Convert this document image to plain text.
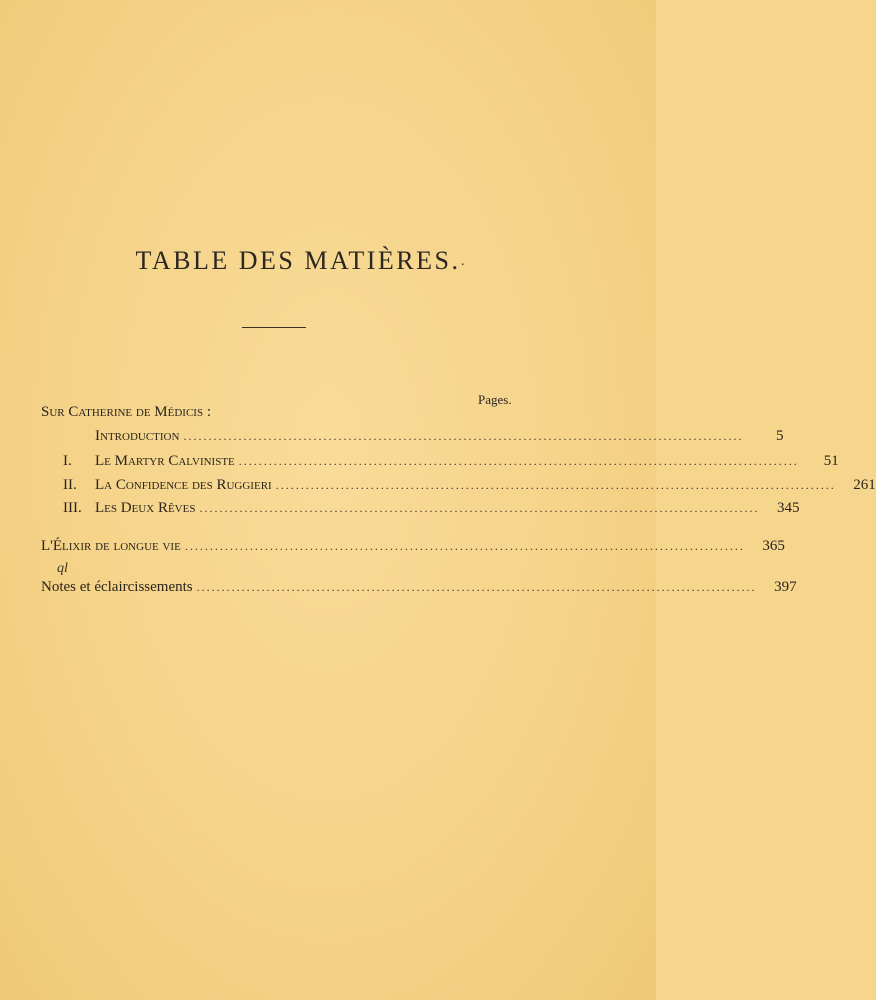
TABLE DES MATIÈRES. .
Pages.
Sur Catherine de Médicis :
Introduction ................................................................................................................	5
I.	Le Martyr Calviniste ................................................................................................................	51
II.	La Confidence des Ruggieri ................................................................................................................	261
III. Les Deux Rêves ................................................................................................................	345
L'Élixir de longue vie ................................................................................................................	365
ql
Notes et éclaircissements ................................................................................................................	397
